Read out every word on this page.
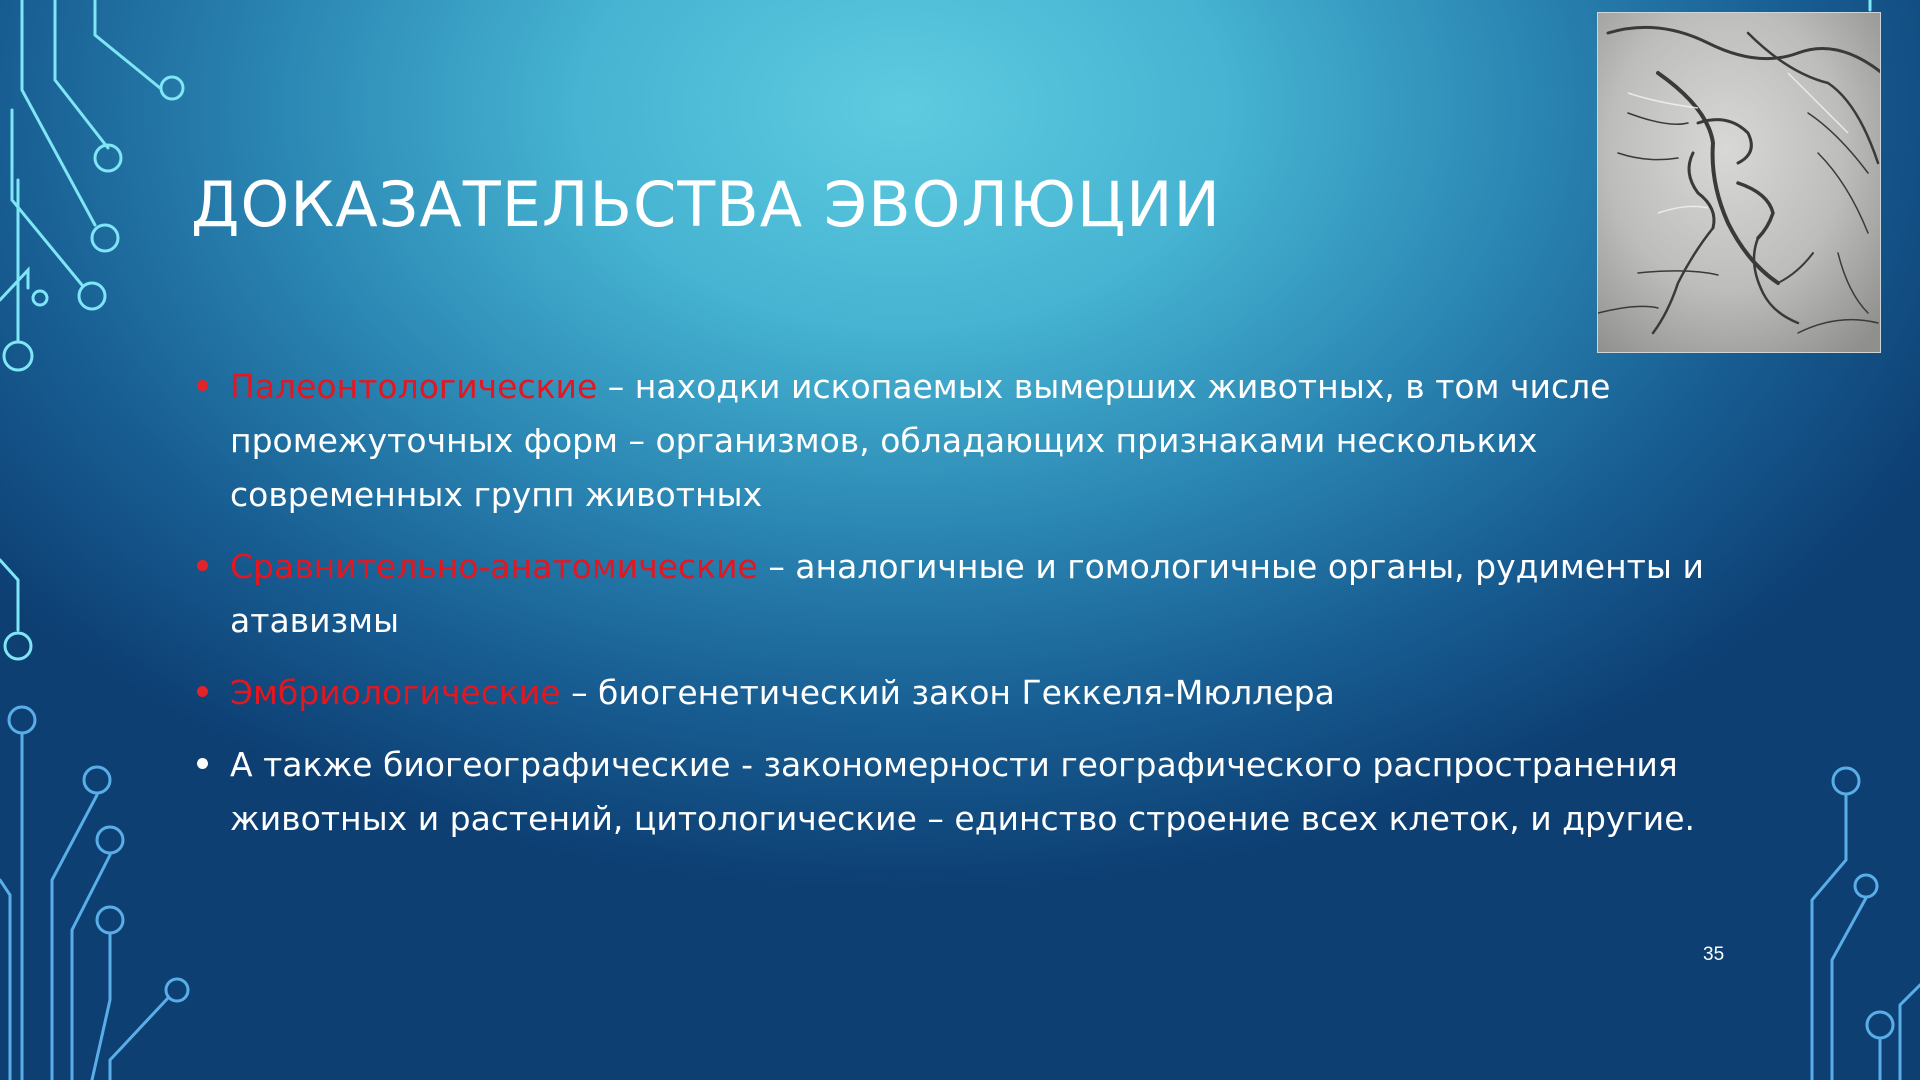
ДОКАЗАТЕЛЬСТВА ЭВОЛЮЦИИ
Палеонтологические – находки ископаемых вымерших животных, в том числе промежуточных форм – организмов, обладающих признаками нескольких современных групп животных
Сравнительно-анатомические – аналогичные и гомологичные органы, рудименты и атавизмы
Эмбриологические – биогенетический закон Геккеля-Мюллера
А также биогеографические - закономерности географического распространения животных и растений, цитологические – единство строение всех клеток, и другие.
35
